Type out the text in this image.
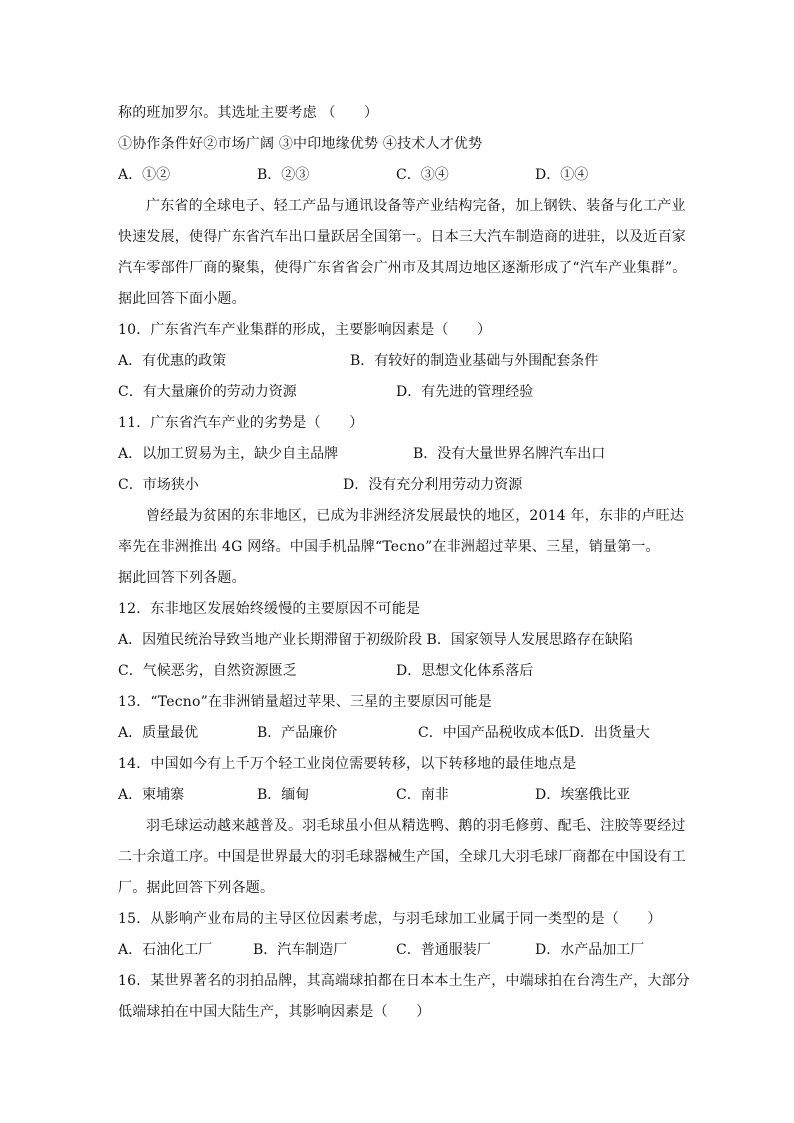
称的班加罗尔。其选址主要考虑 （　　）
①协作条件好②市场广阔 ③中印地缘优势 ④技术人才优势
A．①②	B．②③	C．③④	D．①④
广东省的全球电子、轻工产品与通讯设备等产业结构完备，加上钢铁、装备与化工产业
快速发展，使得广东省汽车出口量跃居全国第一。日本三大汽车制造商的进驻，以及近百家
汽车零部件厂商的聚集，使得广东省省会广州市及其周边地区逐渐形成了“汽车产业集群”。
据此回答下面小题。
10．广东省汽车产业集群的形成，主要影响因素是（　　）
A．有优惠的政策	B．有较好的制造业基础与外围配套条件
C．有大量廉价的劳动力资源	D．有先进的管理经验
11．广东省汽车产业的劣势是（　　）
A．以加工贸易为主，缺少自主品牌	B．没有大量世界名牌汽车出口
C．市场狭小	D．没有充分利用劳动力资源
曾经最为贫困的东非地区，已成为非洲经济发展最快的地区，2014 年，东非的卢旺达
率先在非洲推出 4G 网络。中国手机品牌“Tecno”在非洲超过苹果、三星，销量第一。
据此回答下列各题。
12．东非地区发展始终缓慢的主要原因不可能是
A．因殖民统治导致当地产业长期滞留于初级阶段 B．国家领导人发展思路存在缺陷
C．气候恶劣，自然资源匮乏	D．思想文化体系落后
13．“Tecno”在非洲销量超过苹果、三星的主要原因可能是
A．质量最优	B．产品廉价	C．中国产品税收成本低D．出货量大
14．中国如今有上千万个轻工业岗位需要转移，以下转移地的最佳地点是
A．柬埔寨	B．缅甸	C．南非	D．埃塞俄比亚
羽毛球运动越来越普及。羽毛球虽小但从精选鸭、鹅的羽毛修剪、配毛、注胶等要经过
二十余道工序。中国是世界最大的羽毛球器械生产国，全球几大羽毛球厂商都在中国设有工
厂。据此回答下列各题。
15．从影响产业布局的主导区位因素考虑，与羽毛球加工业属于同一类型的是（　　）
A．石油化工厂	B．汽车制造厂	C．普通服装厂	D．水产品加工厂
16．某世界著名的羽拍品牌，其高端球拍都在日本本土生产，中端球拍在台湾生产，大部分
低端球拍在中国大陆生产，其影响因素是（　　）
